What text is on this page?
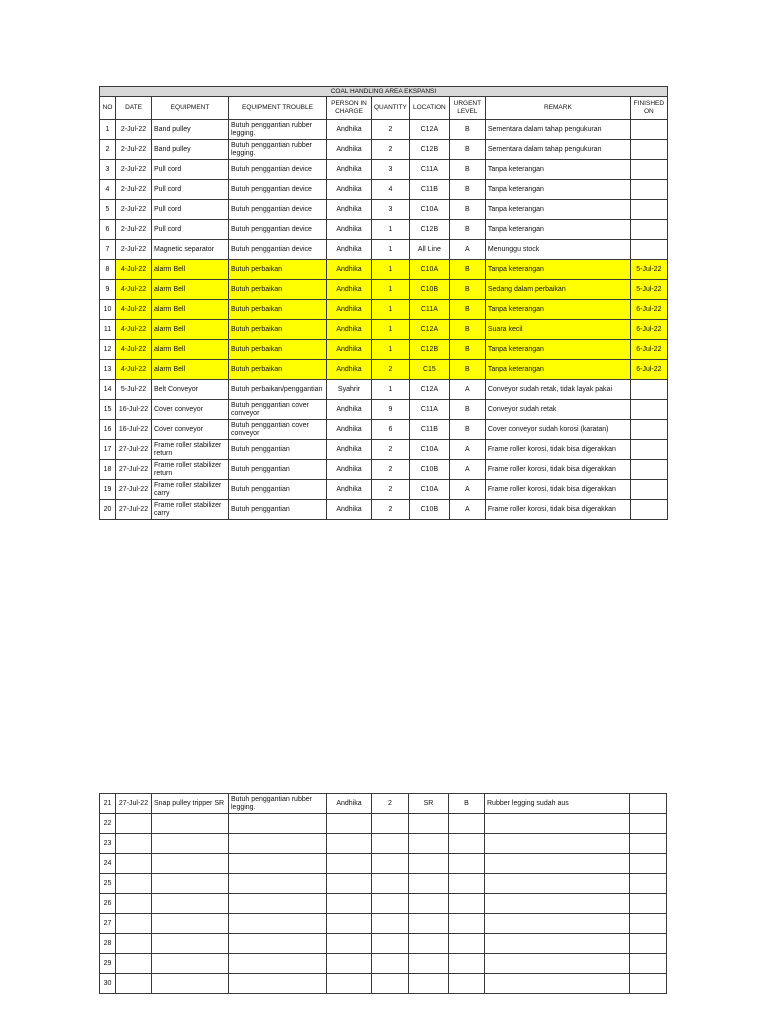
COAL HANDLING AREA EKSPANSI									
NO	DATE	EQUIPMENT	EQUIPMENT TROUBLE	PERSON IN CHARGE	QUANTITY	LOCATION	URGENT LEVEL	REMARK	FINISHED ON
1	2-Jul-22	Band pulley	Butuh penggantian rubber legging.	Andhika	2	C12A	B	Sementara dalam tahap pengukuran	
2	2-Jul-22	Band pulley	Butuh penggantian rubber legging.	Andhika	2	C12B	B	Sementara dalam tahap pengukuran	
3	2-Jul-22	Pull cord	Butuh penggantian device	Andhika	3	C11A	B	Tanpa keterangan	
4	2-Jul-22	Pull cord	Butuh penggantian device	Andhika	4	C11B	B	Tanpa keterangan	
5	2-Jul-22	Pull cord	Butuh penggantian device	Andhika	3	C10A	B	Tanpa keterangan	
6	2-Jul-22	Pull cord	Butuh penggantian device	Andhika	1	C12B	B	Tanpa keterangan	
7	2-Jul-22	Magnetic separator	Butuh penggantian device	Andhika	1	All Line	A	Menunggu stock	
8	4-Jul-22	alarm Bell	Butuh perbaikan	Andhika	1	C10A	B	Tanpa keterangan	5-Jul-22
9	4-Jul-22	alarm Bell	Butuh perbaikan	Andhika	1	C10B	B	Sedang dalam perbaikan	5-Jul-22
10	4-Jul-22	alarm Bell	Butuh perbaikan	Andhika	1	C11A	B	Tanpa keterangan	6-Jul-22
11	4-Jul-22	alarm Bell	Butuh perbaikan	Andhika	1	C12A	B	Suara kecil	6-Jul-22
12	4-Jul-22	alarm Bell	Butuh perbaikan	Andhika	1	C12B	B	Tanpa keterangan	6-Jul-22
13	4-Jul-22	alarm Bell	Butuh perbaikan	Andhika	2	C15	B	Tanpa keterangan	6-Jul-22
14	5-Jul-22	Belt Conveyor	Butuh perbaikan/penggantian	Syahrir	1	C12A	A	Conveyor sudah retak, tidak layak pakai	
15	16-Jul-22	Cover conveyor	Butuh penggantian cover conveyor	Andhika	9	C11A	B	Conveyor sudah retak	
16	16-Jul-22	Cover conveyor	Butuh penggantian cover conveyor	Andhika	6	C11B	B	Cover conveyor sudah korosi (karatan)	
17	27-Jul-22	Frame roller stabilizer return	Butuh penggantian	Andhika	2	C10A	A	Frame roller korosi, tidak bisa digerakkan	
18	27-Jul-22	Frame roller stabilizer return	Butuh penggantian	Andhika	2	C10B	A	Frame roller korosi, tidak bisa digerakkan	
19	27-Jul-22	Frame roller stabilizer carry	Butuh penggantian	Andhika	2	C10A	A	Frame roller korosi, tidak bisa digerakkan	
20	27-Jul-22	Frame roller stabilizer carry	Butuh penggantian	Andhika	2	C10B	A	Frame roller korosi, tidak bisa digerakkan	
21	27-Jul-22	Snap pulley tripper SR	Butuh penggantian rubber legging.	Andhika	2	SR	B	Rubber legging sudah aus	
22									
23									
24									
25									
26									
27									
28									
29									
30									
